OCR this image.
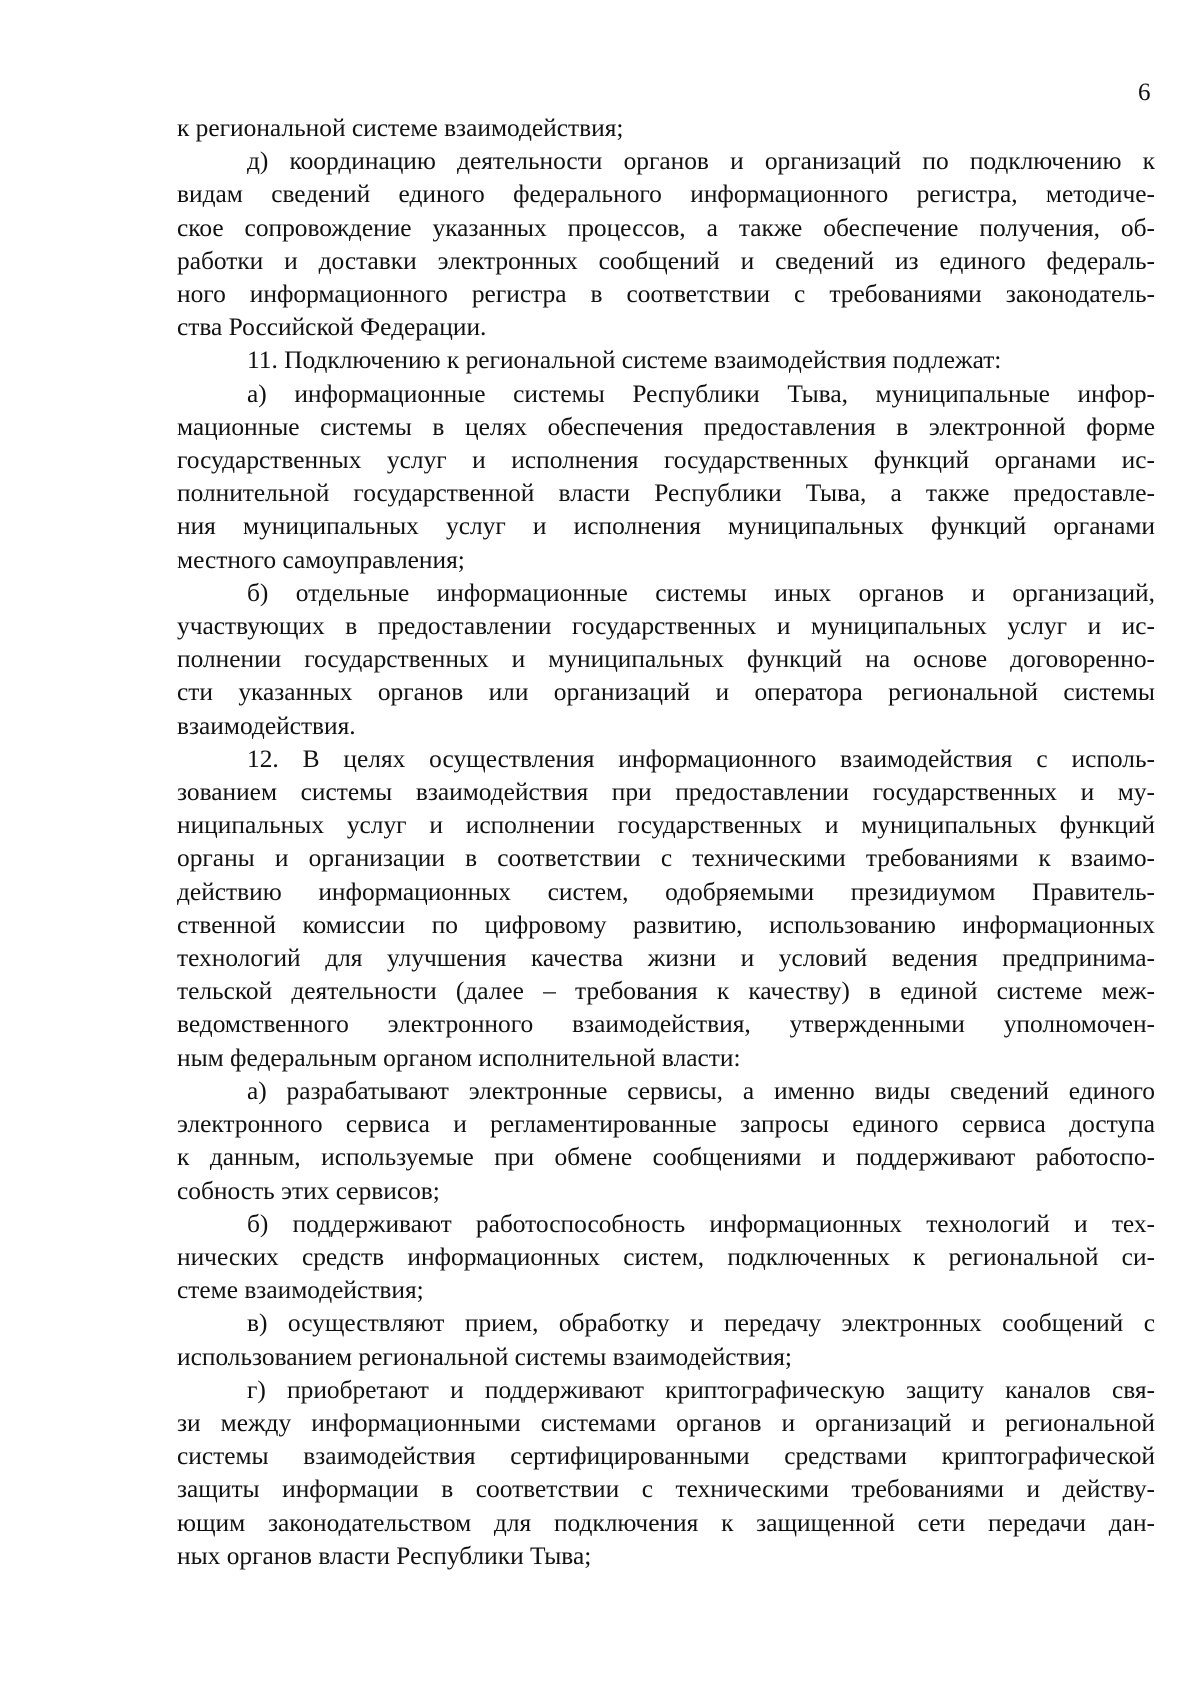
6

к региональной системе взаимодействия;

д) координацию деятельности органов и организаций по подключению к

видам сведений единого федерального информационного регистра, методиче-

ское сопровождение указанных процессов, а также обеспечение получения, об-

работки и доставки электронных сообщений и сведений из единого федераль-

ного информационного регистра в соответствии с требованиями законодатель-

ства Российской Федерации.

11. Подключению к региональной системе взаимодействия подлежат:

а) информационные системы Республики Тыва, муниципальные инфор-

мационные системы в целях обеспечения предоставления в электронной форме

государственных услуг и исполнения государственных функций органами ис-

полнительной государственной власти Республики Тыва, а также предоставле-

ния муниципальных услуг и исполнения муниципальных функций органами

местного самоуправления;

б) отдельные информационные системы иных органов и организаций,

участвующих в предоставлении государственных и муниципальных услуг и ис-

полнении государственных и муниципальных функций на основе договоренно-

сти указанных органов или организаций и оператора региональной системы

взаимодействия.

12. В целях осуществления информационного взаимодействия с исполь-

зованием системы взаимодействия при предоставлении государственных и му-

ниципальных услуг и исполнении государственных и муниципальных функций

органы и организации в соответствии с техническими требованиями к взаимо-

действию информационных систем, одобряемыми президиумом Правитель-

ственной комиссии по цифровому развитию, использованию информационных

технологий для улучшения качества жизни и условий ведения предпринима-

тельской деятельности (далее – требования к качеству) в единой системе меж-

ведомственного электронного взаимодействия, утвержденными уполномочен-

ным федеральным органом исполнительной власти:

а) разрабатывают электронные сервисы, а именно виды сведений единого

электронного сервиса и регламентированные запросы единого сервиса доступа

к данным, используемые при обмене сообщениями и поддерживают работоспо-

собность этих сервисов;

б) поддерживают работоспособность информационных технологий и тех-

нических средств информационных систем, подключенных к региональной си-

стеме взаимодействия;

в) осуществляют прием, обработку и передачу электронных сообщений с

использованием региональной системы взаимодействия;

г) приобретают и поддерживают криптографическую защиту каналов свя-

зи между информационными системами органов и организаций и региональной

системы взаимодействия сертифицированными средствами криптографической

защиты информации в соответствии с техническими требованиями и действу-

ющим законодательством для подключения к защищенной сети передачи дан-

ных органов власти Республики Тыва;
